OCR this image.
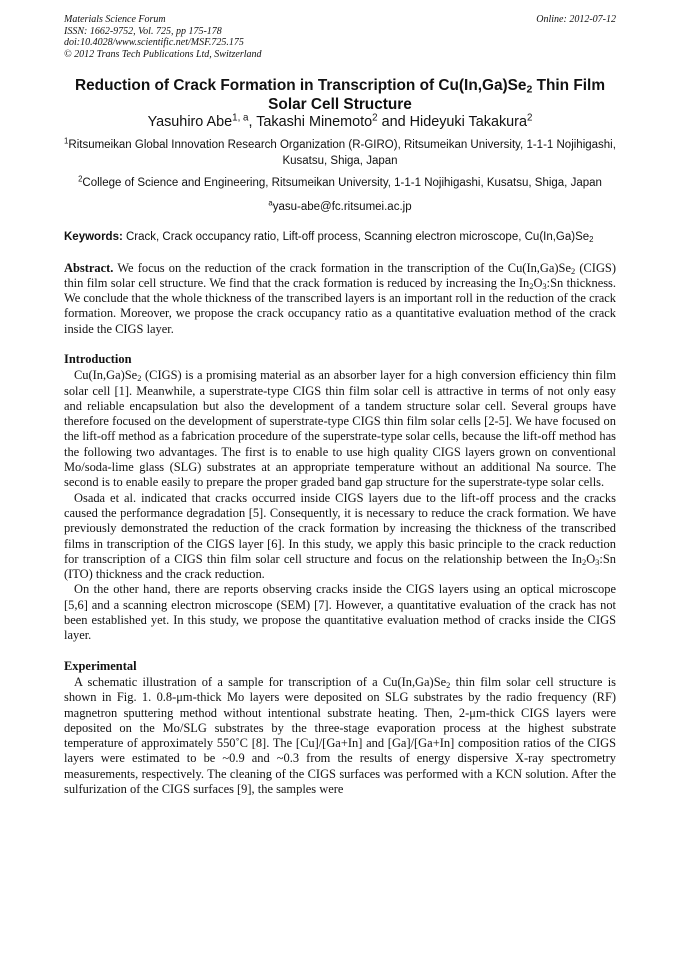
Materials Science Forum
ISSN: 1662-9752, Vol. 725, pp 175-178
doi:10.4028/www.scientific.net/MSF.725.175
© 2012 Trans Tech Publications Ltd, Switzerland
Online: 2012-07-12
Reduction of Crack Formation in Transcription of $Cu(In,Ga)Se_2$ Thin Film
Solar Cell Structure
Yasuhiro Abe$^{1, a}$, Takashi Minemoto$^2$ and Hideyuki Takakura$^2$
$^1$Ritsumeikan Global Innovation Research Organization (R-GIRO), Ritsumeikan University, 1-1-1 Nojihigashi, Kusatsu, Shiga, Japan
$^2$College of Science and Engineering, Ritsumeikan University, 1-1-1 Nojihigashi, Kusatsu, Shiga, Japan
$^a$yasu-abe@fc.ritsumei.ac.jp
Keywords: Crack, Crack occupancy ratio, Lift-off process, Scanning electron microscope, $Cu(In,Ga)Se_2$
Abstract. We focus on the reduction of the crack formation in the transcription of the $Cu(In,Ga)Se_2$ (CIGS) thin film solar cell structure. We find that the crack formation is reduced by increasing the $In_2O_3:Sn$ thickness. We conclude that the whole thickness of the transcribed layers is an important roll in the reduction of the crack formation. Moreover, we propose the crack occupancy ratio as a quantitative evaluation method of the crack inside the CIGS layer.
Introduction

$Cu(In,Ga)Se_2$ (CIGS) is a promising material as an absorber layer for a high conversion efficiency thin film solar cell [1]. Meanwhile, a superstrate-type CIGS thin film solar cell is attractive in terms of not only easy and reliable encapsulation but also the development of a tandem structure solar cell. Several groups have therefore focused on the development of superstrate-type CIGS thin film solar cells [2-5]. We have focused on the lift-off method as a fabrication procedure of the superstrate-type solar cells, because the lift-off method has the following two advantages. The first is to enable to use high quality CIGS layers grown on conventional Mo/soda-lime glass (SLG) substrates at an appropriate temperature without an additional Na source. The second is to enable easily to prepare the proper graded band gap structure for the superstrate-type solar cells.

Osada et al. indicated that cracks occurred inside CIGS layers due to the lift-off process and the cracks caused the performance degradation [5]. Consequently, it is necessary to reduce the crack formation. We have previously demonstrated the reduction of the crack formation by increasing the thickness of the transcribed films in transcription of the CIGS layer [6]. In this study, we apply this basic principle to the crack reduction for transcription of a CIGS thin film solar cell structure and focus on the relationship between the $In_2O_3:Sn$ (ITO) thickness and the crack reduction.

On the other hand, there are reports observing cracks inside the CIGS layers using an optical microscope [5,6] and a scanning electron microscope (SEM) [7]. However, a quantitative evaluation of the crack has not been established yet. In this study, we propose the quantitative evaluation method of cracks inside the CIGS layer.

Experimental

A schematic illustration of a sample for transcription of a $Cu(In,Ga)Se_2$ thin film solar cell structure is shown in Fig. 1. 0.8-μm-thick Mo layers were deposited on SLG substrates by the radio frequency (RF) magnetron sputtering method without intentional substrate heating. Then, 2-μm-thick CIGS layers were deposited on the Mo/SLG substrates by the three-stage evaporation process at the highest substrate temperature of approximately 550˚C [8]. The [Cu]/[Ga+In] and [Ga]/[Ga+In] composition ratios of the CIGS layers were estimated to be ~0.9 and ~0.3 from the results of energy dispersive X-ray spectrometry measurements, respectively. The cleaning of the CIGS surfaces was performed with a KCN solution. After the sulfurization of the CIGS surfaces [9], the samples were
